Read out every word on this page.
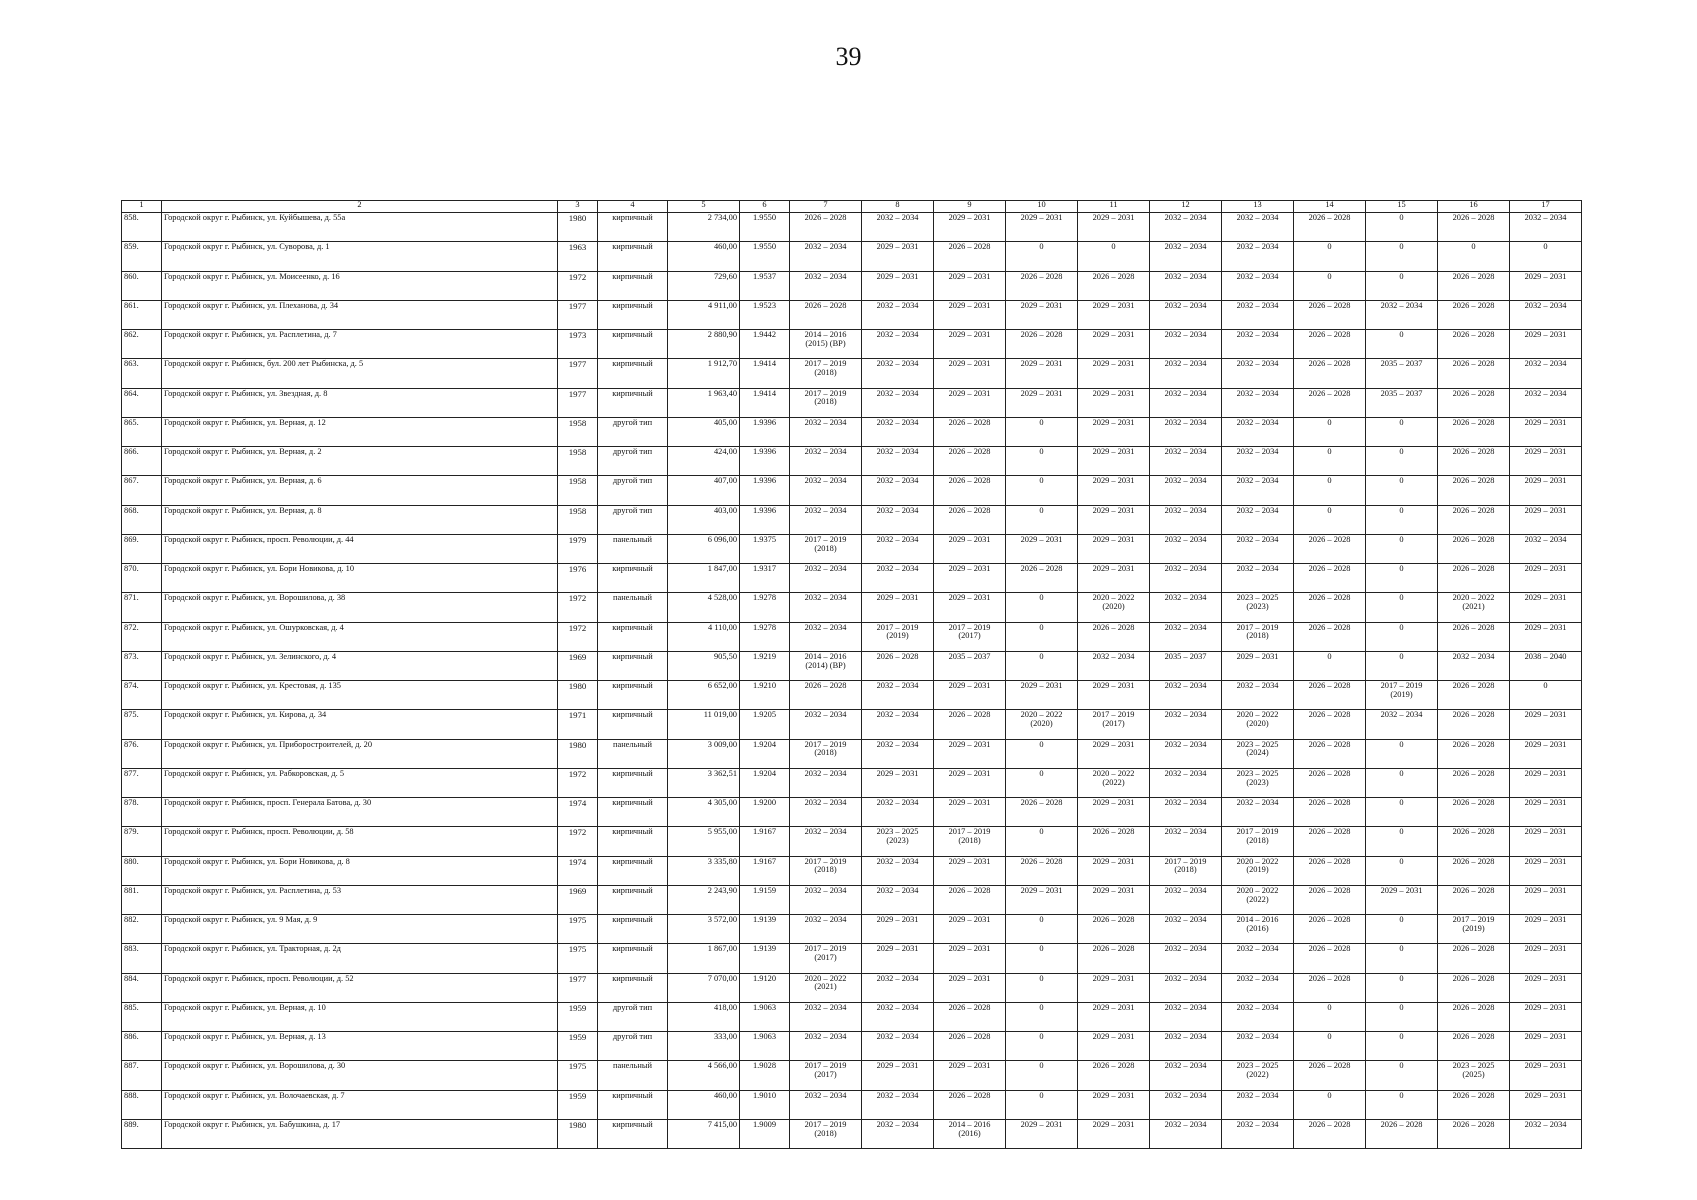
39
1	2	3	4	5	6	7	8	9	10	11	12	13	14	15	16	17
858.	Городской округ г. Рыбинск, ул. Куйбышева, д. 55а	1980	кирпичный	2 734,00	1.9550	2026 – 2028	2032 – 2034	2029 – 2031	2029 – 2031	2029 – 2031	2032 – 2034	2032 – 2034	2026 – 2028	0	2026 – 2028	2032 – 2034
859.	Городской округ г. Рыбинск, ул. Суворова, д. 1	1963	кирпичный	460,00	1.9550	2032 – 2034	2029 – 2031	2026 – 2028	0	0	2032 – 2034	2032 – 2034	0	0	0	0
860.	Городской округ г. Рыбинск, ул. Моисеенко, д. 16	1972	кирпичный	729,60	1.9537	2032 – 2034	2029 – 2031	2029 – 2031	2026 – 2028	2026 – 2028	2032 – 2034	2032 – 2034	0	0	2026 – 2028	2029 – 2031
861.	Городской округ г. Рыбинск, ул. Плеханова, д. 34	1977	кирпичный	4 911,00	1.9523	2026 – 2028	2032 – 2034	2029 – 2031	2029 – 2031	2029 – 2031	2032 – 2034	2032 – 2034	2026 – 2028	2032 – 2034	2026 – 2028	2032 – 2034
862.	Городской округ г. Рыбинск, ул. Расплетина, д. 7	1973	кирпичный	2 880,90	1.9442	2014 – 2016
(2015) (ВР)	2032 – 2034	2029 – 2031	2026 – 2028	2029 – 2031	2032 – 2034	2032 – 2034	2026 – 2028	0	2026 – 2028	2029 – 2031
863.	Городской округ г. Рыбинск, бул. 200 лет Рыбинска, д. 5	1977	кирпичный	1 912,70	1.9414	2017 – 2019
(2018)	2032 – 2034	2029 – 2031	2029 – 2031	2029 – 2031	2032 – 2034	2032 – 2034	2026 – 2028	2035 – 2037	2026 – 2028	2032 – 2034
864.	Городской округ г. Рыбинск, ул. Звездная, д. 8	1977	кирпичный	1 963,40	1.9414	2017 – 2019
(2018)	2032 – 2034	2029 – 2031	2029 – 2031	2029 – 2031	2032 – 2034	2032 – 2034	2026 – 2028	2035 – 2037	2026 – 2028	2032 – 2034
865.	Городской округ г. Рыбинск, ул. Верная, д. 12	1958	другой тип	405,00	1.9396	2032 – 2034	2032 – 2034	2026 – 2028	0	2029 – 2031	2032 – 2034	2032 – 2034	0	0	2026 – 2028	2029 – 2031
866.	Городской округ г. Рыбинск, ул. Верная, д. 2	1958	другой тип	424,00	1.9396	2032 – 2034	2032 – 2034	2026 – 2028	0	2029 – 2031	2032 – 2034	2032 – 2034	0	0	2026 – 2028	2029 – 2031
867.	Городской округ г. Рыбинск, ул. Верная, д. 6	1958	другой тип	407,00	1.9396	2032 – 2034	2032 – 2034	2026 – 2028	0	2029 – 2031	2032 – 2034	2032 – 2034	0	0	2026 – 2028	2029 – 2031
868.	Городской округ г. Рыбинск, ул. Верная, д. 8	1958	другой тип	403,00	1.9396	2032 – 2034	2032 – 2034	2026 – 2028	0	2029 – 2031	2032 – 2034	2032 – 2034	0	0	2026 – 2028	2029 – 2031
869.	Городской округ г. Рыбинск, просп. Революции, д. 44	1979	панельный	6 096,00	1.9375	2017 – 2019
(2018)	2032 – 2034	2029 – 2031	2029 – 2031	2029 – 2031	2032 – 2034	2032 – 2034	2026 – 2028	0	2026 – 2028	2032 – 2034
870.	Городской округ г. Рыбинск, ул. Бори Новикова, д. 10	1976	кирпичный	1 847,00	1.9317	2032 – 2034	2032 – 2034	2029 – 2031	2026 – 2028	2029 – 2031	2032 – 2034	2032 – 2034	2026 – 2028	0	2026 – 2028	2029 – 2031
871.	Городской округ г. Рыбинск, ул. Ворошилова, д. 38	1972	панельный	4 528,00	1.9278	2032 – 2034	2029 – 2031	2029 – 2031	0	2020 – 2022
(2020)	2032 – 2034	2023 – 2025
(2023)	2026 – 2028	0	2020 – 2022
(2021)	2029 – 2031
872.	Городской округ г. Рыбинск, ул. Ошурковская, д. 4	1972	кирпичный	4 110,00	1.9278	2032 – 2034	2017 – 2019
(2019)	2017 – 2019
(2017)	0	2026 – 2028	2032 – 2034	2017 – 2019
(2018)	2026 – 2028	0	2026 – 2028	2029 – 2031
873.	Городской округ г. Рыбинск, ул. Зелинского, д. 4	1969	кирпичный	905,50	1.9219	2014 – 2016
(2014) (ВР)	2026 – 2028	2035 – 2037	0	2032 – 2034	2035 – 2037	2029 – 2031	0	0	2032 – 2034	2038 – 2040
874.	Городской округ г. Рыбинск, ул. Крестовая, д. 135	1980	кирпичный	6 652,00	1.9210	2026 – 2028	2032 – 2034	2029 – 2031	2029 – 2031	2029 – 2031	2032 – 2034	2032 – 2034	2026 – 2028	2017 – 2019
(2019)	2026 – 2028	0
875.	Городской округ г. Рыбинск, ул. Кирова, д. 34	1971	кирпичный	11 019,00	1.9205	2032 – 2034	2032 – 2034	2026 – 2028	2020 – 2022
(2020)	2017 – 2019
(2017)	2032 – 2034	2020 – 2022
(2020)	2026 – 2028	2032 – 2034	2026 – 2028	2029 – 2031
876.	Городской округ г. Рыбинск, ул. Приборостроителей, д. 20	1980	панельный	3 009,00	1.9204	2017 – 2019
(2018)	2032 – 2034	2029 – 2031	0	2029 – 2031	2032 – 2034	2023 – 2025
(2024)	2026 – 2028	0	2026 – 2028	2029 – 2031
877.	Городской округ г. Рыбинск, ул. Рабкоровская, д. 5	1972	кирпичный	3 362,51	1.9204	2032 – 2034	2029 – 2031	2029 – 2031	0	2020 – 2022
(2022)	2032 – 2034	2023 – 2025
(2023)	2026 – 2028	0	2026 – 2028	2029 – 2031
878.	Городской округ г. Рыбинск, просп. Генерала Батова, д. 30	1974	кирпичный	4 305,00	1.9200	2032 – 2034	2032 – 2034	2029 – 2031	2026 – 2028	2029 – 2031	2032 – 2034	2032 – 2034	2026 – 2028	0	2026 – 2028	2029 – 2031
879.	Городской округ г. Рыбинск, просп. Революции, д. 58	1972	кирпичный	5 955,00	1.9167	2032 – 2034	2023 – 2025
(2023)	2017 – 2019
(2018)	0	2026 – 2028	2032 – 2034	2017 – 2019
(2018)	2026 – 2028	0	2026 – 2028	2029 – 2031
880.	Городской округ г. Рыбинск, ул. Бори Новикова, д. 8	1974	кирпичный	3 335,80	1.9167	2017 – 2019
(2018)	2032 – 2034	2029 – 2031	2026 – 2028	2029 – 2031	2017 – 2019
(2018)	2020 – 2022
(2019)	2026 – 2028	0	2026 – 2028	2029 – 2031
881.	Городской округ г. Рыбинск, ул. Расплетина, д. 53	1969	кирпичный	2 243,90	1.9159	2032 – 2034	2032 – 2034	2026 – 2028	2029 – 2031	2029 – 2031	2032 – 2034	2020 – 2022
(2022)	2026 – 2028	2029 – 2031	2026 – 2028	2029 – 2031
882.	Городской округ г. Рыбинск, ул. 9 Мая, д. 9	1975	кирпичный	3 572,00	1.9139	2032 – 2034	2029 – 2031	2029 – 2031	0	2026 – 2028	2032 – 2034	2014 – 2016
(2016)	2026 – 2028	0	2017 – 2019
(2019)	2029 – 2031
883.	Городской округ г. Рыбинск, ул. Тракторная, д. 2д	1975	кирпичный	1 867,00	1.9139	2017 – 2019
(2017)	2029 – 2031	2029 – 2031	0	2026 – 2028	2032 – 2034	2032 – 2034	2026 – 2028	0	2026 – 2028	2029 – 2031
884.	Городской округ г. Рыбинск, просп. Революции, д. 52	1977	кирпичный	7 070,00	1.9120	2020 – 2022
(2021)	2032 – 2034	2029 – 2031	0	2029 – 2031	2032 – 2034	2032 – 2034	2026 – 2028	0	2026 – 2028	2029 – 2031
885.	Городской округ г. Рыбинск, ул. Верная, д. 10	1959	другой тип	418,00	1.9063	2032 – 2034	2032 – 2034	2026 – 2028	0	2029 – 2031	2032 – 2034	2032 – 2034	0	0	2026 – 2028	2029 – 2031
886.	Городской округ г. Рыбинск, ул. Верная, д. 13	1959	другой тип	333,00	1.9063	2032 – 2034	2032 – 2034	2026 – 2028	0	2029 – 2031	2032 – 2034	2032 – 2034	0	0	2026 – 2028	2029 – 2031
887.	Городской округ г. Рыбинск, ул. Ворошилова, д. 30	1975	панельный	4 566,00	1.9028	2017 – 2019
(2017)	2029 – 2031	2029 – 2031	0	2026 – 2028	2032 – 2034	2023 – 2025
(2022)	2026 – 2028	0	2023 – 2025
(2025)	2029 – 2031
888.	Городской округ г. Рыбинск, ул. Волочаевская, д. 7	1959	кирпичный	460,00	1.9010	2032 – 2034	2032 – 2034	2026 – 2028	0	2029 – 2031	2032 – 2034	2032 – 2034	0	0	2026 – 2028	2029 – 2031
889.	Городской округ г. Рыбинск, ул. Бабушкина, д. 17	1980	кирпичный	7 415,00	1.9009	2017 – 2019
(2018)	2032 – 2034	2014 – 2016
(2016)	2029 – 2031	2029 – 2031	2032 – 2034	2032 – 2034	2026 – 2028	2026 – 2028	2026 – 2028	2032 – 2034
